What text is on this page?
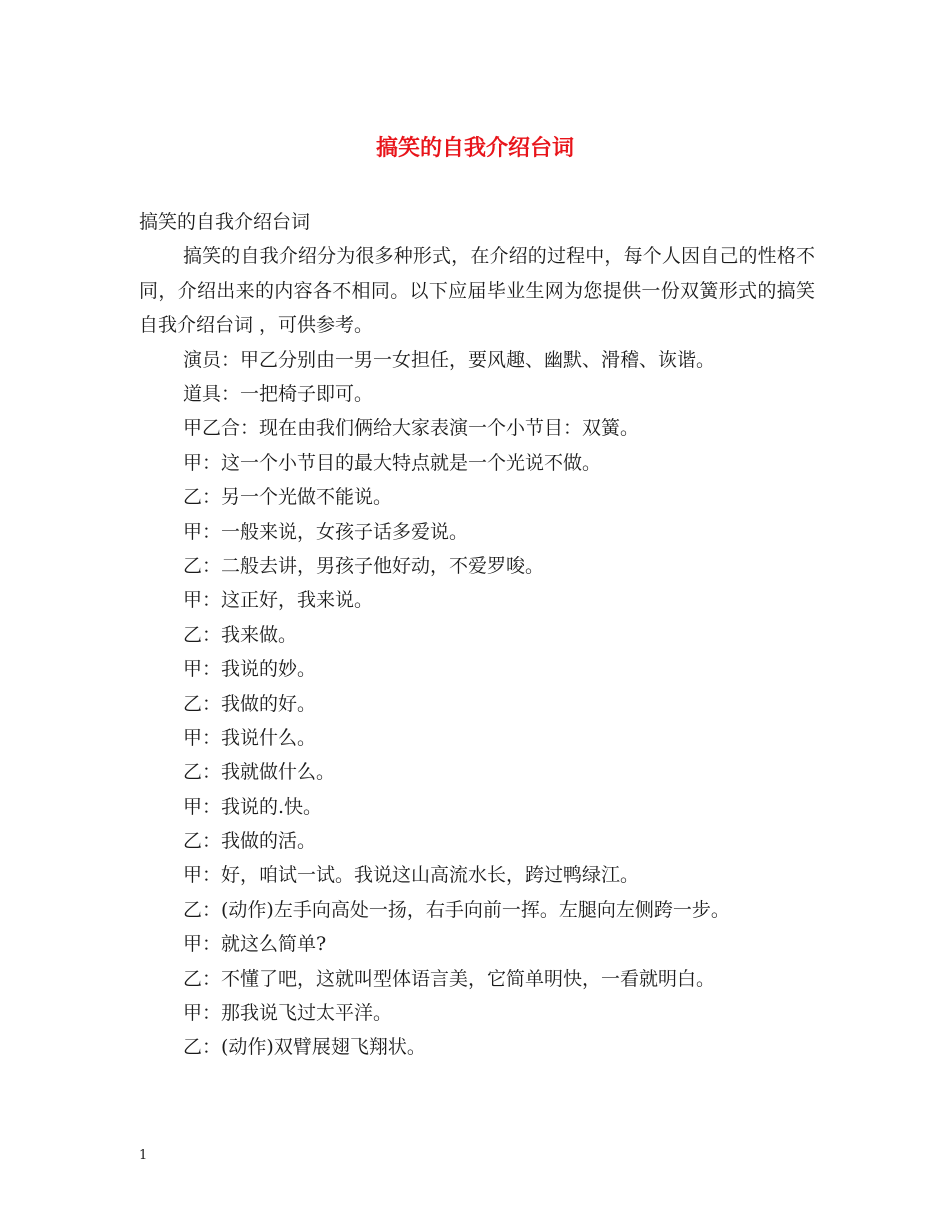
搞笑的自我介绍台词
搞笑的自我介绍台词

搞笑的自我介绍分为很多种形式，在介绍的过程中，每个人因自己的性格不同，介绍出来的内容各不相同。以下应届毕业生网为您提供一份双簧形式的搞笑自我介绍台词 ，可供参考。

演员：甲乙分别由一男一女担任，要风趣、幽默、滑稽、诙谐。
道具：一把椅子即可。
甲乙合：现在由我们俩给大家表演一个小节目：双簧。
甲：这一个小节目的最大特点就是一个光说不做。
乙：另一个光做不能说。
甲：一般来说，女孩子话多爱说。
乙：二般去讲，男孩子他好动，不爱罗唆。
甲：这正好，我来说。
乙：我来做。
甲：我说的妙。
乙：我做的好。
甲：我说什么。
乙：我就做什么。
甲：我说的.快。
乙：我做的活。
甲：好，咱试一试。我说这山高流水长，跨过鸭绿江。
乙：(动作)左手向高处一扬，右手向前一挥。左腿向左侧跨一步。
甲：就这么简单?
乙：不懂了吧，这就叫型体语言美，它简单明快，一看就明白。
甲：那我说飞过太平洋。
乙：(动作)双臂展翅飞翔状。
1
